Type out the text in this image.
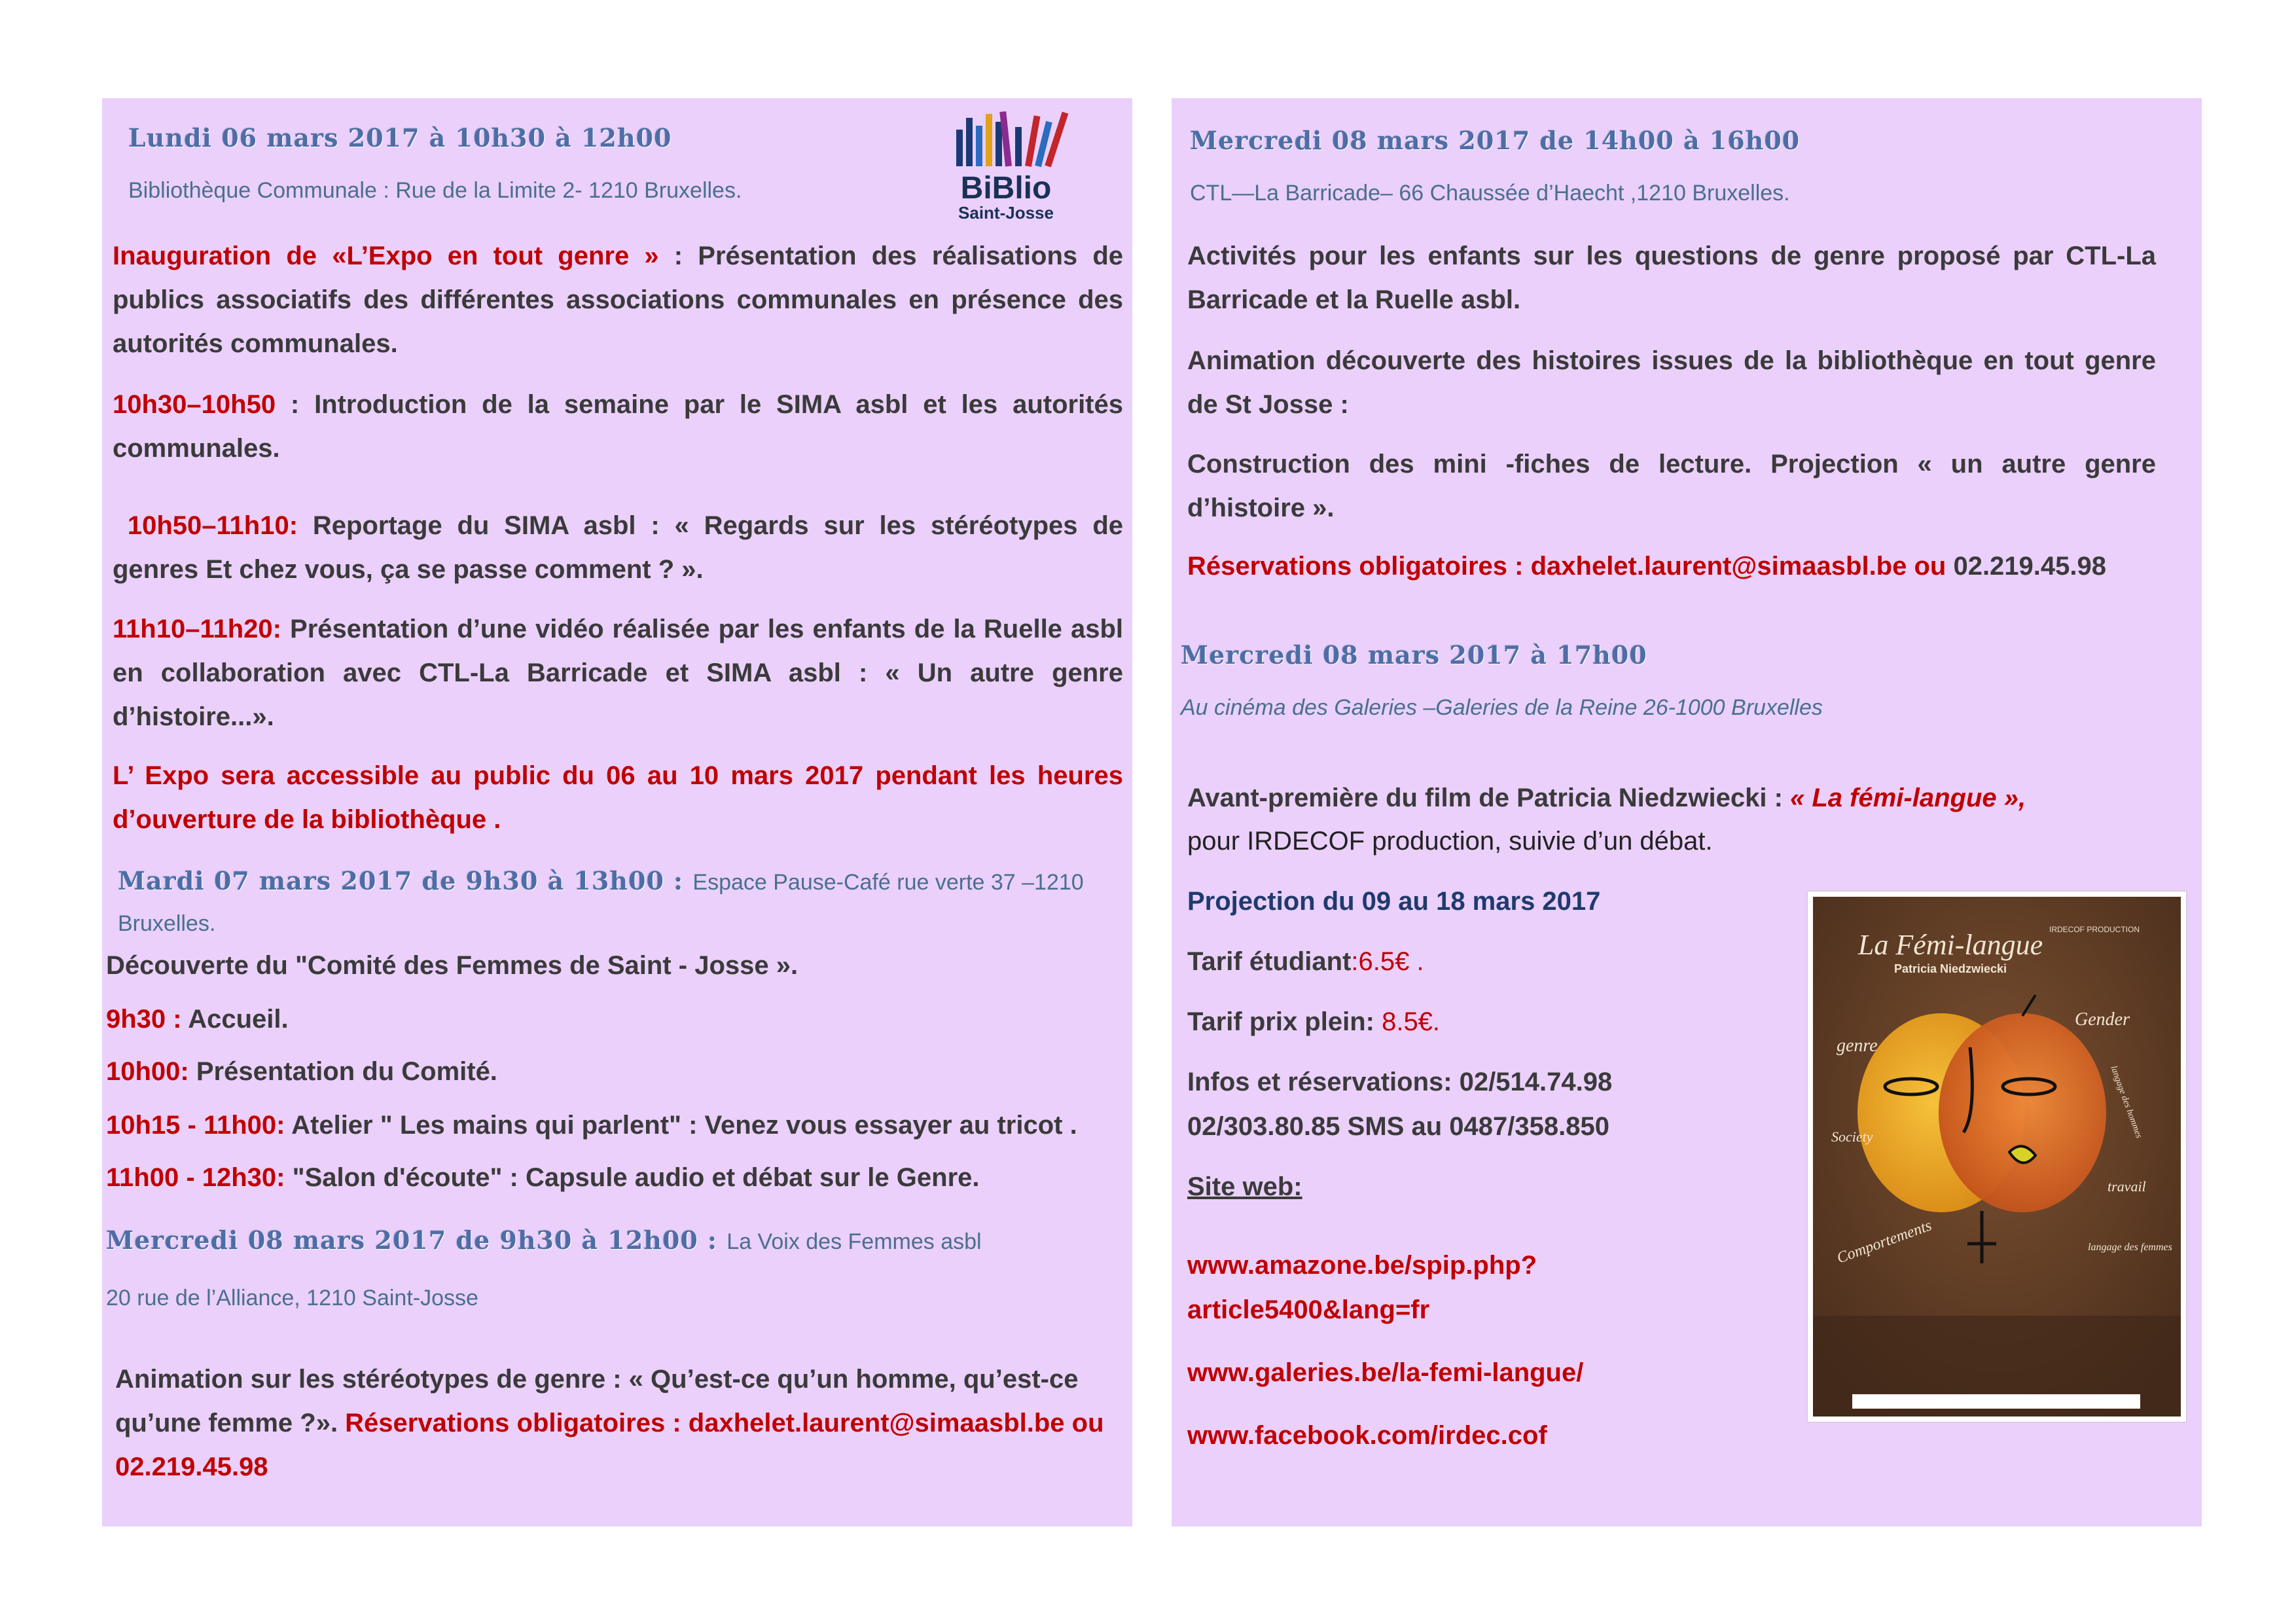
Lundi 06 mars 2017 à 10h30 à 12h00
Bibliothèque Communale : Rue de la Limite 2- 1210 Bruxelles.	BiBlio
Saint-Josse
Inauguration de «L’Expo en tout genre » : Présentation des réalisations de publics associatifs des différentes associations communales en présence des autorités communales.
10h30–10h50 : Introduction de la semaine par le SIMA asbl et les autorités communales.
10h50–11h10: Reportage du SIMA asbl : « Regards sur les stéréotypes de genres Et chez vous, ça se passe comment ? ».
11h10–11h20: Présentation d’une vidéo réalisée par les enfants de la Ruelle asbl en collaboration avec CTL-La Barricade et SIMA asbl : « Un autre genre d’histoire...».
L’ Expo sera accessible au public du 06 au 10 mars 2017 pendant les heures d’ouverture de la bibliothèque .
Mardi 07 mars 2017 de 9h30 à 13h00 : Espace Pause-Café rue verte 37 –1210 Bruxelles.
Découverte du "Comité des Femmes de Saint - Josse ».
9h30 : Accueil.
10h00: Présentation du Comité.
10h15 - 11h00: Atelier " Les mains qui parlent" : Venez vous essayer au tricot .
11h00 - 12h30: "Salon d'écoute" : Capsule audio et débat sur le Genre.
Mercredi 08 mars 2017 de 9h30 à 12h00 : La Voix des Femmes asbl
20 rue de l’Alliance, 1210 Saint-Josse
Animation sur les stéréotypes de genre : « Qu’est-ce qu’un homme, qu’est-ce qu’une femme ?». Réservations obligatoires : daxhelet.laurent@simaasbl.be ou 02.219.45.98
Mercredi 08 mars 2017 de 14h00 à 16h00
CTL—La Barricade– 66 Chaussée d’Haecht ,1210 Bruxelles.
Activités pour les enfants sur les questions de genre proposé par CTL-La Barricade et la Ruelle asbl.
Animation découverte des histoires issues de la bibliothèque en tout genre de St Josse :
Construction des mini -fiches de lecture. Projection « un autre genre d’histoire ».
Réservations obligatoires : daxhelet.laurent@simaasbl.be ou 02.219.45.98
Mercredi 08 mars 2017 à 17h00
Au cinéma des Galeries –Galeries de la Reine 26-1000 Bruxelles
Avant-première du film de Patricia Niedzwiecki : « La fémi-langue »,
pour IRDECOF production, suivie d’un débat.
Projection du 09 au 18 mars 2017
Tarif étudiant:6.5€ .
Tarif prix plein: 8.5€.
Infos et réservations: 02/514.74.98
02/303.80.85 SMS au 0487/358.850
Site web:
www.amazone.be/spip.php?
article5400&lang=fr
www.galeries.be/la-femi-langue/
www.facebook.com/irdec.cof
IRDECOF PRODUCTION
La Fémi-langue
Patricia Niedzwiecki
genre
Gender
Society
travail
Comportements
langage des hommes
langage des femmes
